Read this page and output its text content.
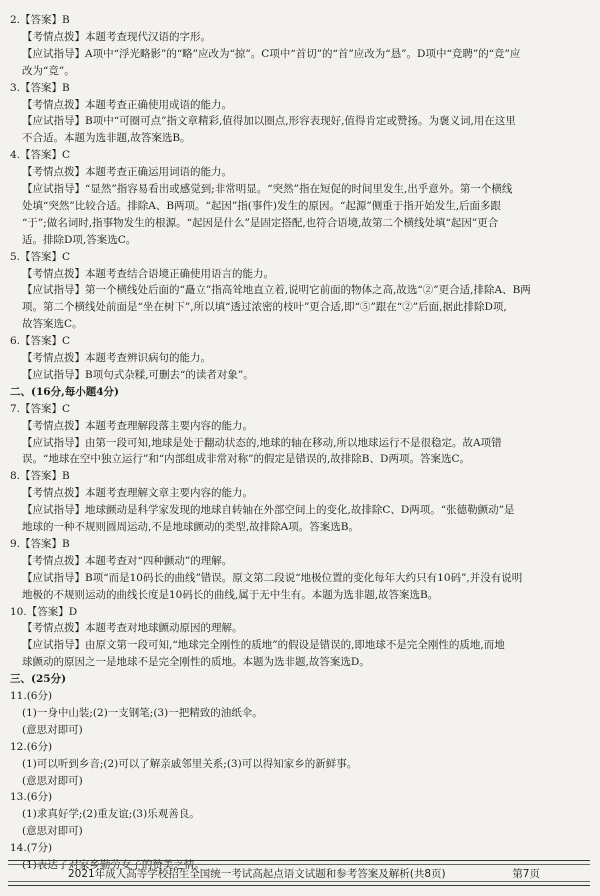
2.【答案】B
【考情点拨】本题考查现代汉语的字形。
【应试指导】A项中“浮光略影”的“略”应改为“掠”。C项中“首切”的“首”应改为“恳”。D项中“竞聘”的“竞”应
改为“竞”。
3.【答案】B
【考情点拨】本题考查正确使用成语的能力。
【应试指导】B项中“可圈可点”指文章精彩,值得加以圈点,形容表现好,值得肯定或赞扬。为褒义词,用在这里
不合适。本题为选非题,故答案选B。
4.【答案】C
【考情点拨】本题考查正确运用词语的能力。
【应试指导】“显然”指容易看出或感觉到;非常明显。“突然”指在短促的时间里发生,出乎意外。第一个横线
处填“突然”比较合适。排除A、B两项。“起因”指(事件)发生的原因。“起源”侧重于指开始发生,后面多跟
“于”;做名词时,指事物发生的根源。“起因是什么”是固定搭配,也符合语境,故第二个横线处填“起因”更合
适。排除D项,答案选C。
5.【答案】C
【考情点拨】本题考查结合语境正确使用语言的能力。
【应试指导】第一个横线处后面的“矗立”指高耸地直立着,说明它前面的物体之高,故选“②”更合适,排除A、B两
项。第二个横线处前面是“坐在树下”,所以填“透过浓密的枝叶”更合适,即“⑤”跟在“②”后面,据此排除D项,
故答案选C。
6.【答案】C
【考情点拨】本题考查辨识病句的能力。
【应试指导】B项句式杂糅,可删去“的读者对象”。
二、(16分,每小题4分)
7.【答案】C
【考情点拨】本题考查理解段落主要内容的能力。
【应试指导】由第一段可知,地球是处于翻动状态的,地球的轴在移动,所以地球运行不是很稳定。故A项错
误。“地球在空中独立运行”和“内部组成非常对称”的假定是错误的,故排除B、D两项。答案选C。
8.【答案】B
【考情点拨】本题考查理解文章主要内容的能力。
【应试指导】地球颤动是科学家发现的地球自转轴在外部空间上的变化,故排除C、D两项。“张德勒颤动”是
地球的一种不规则圆周运动,不是地球颤动的类型,故排除A项。答案选B。
9.【答案】B
【考情点拨】本题考查对“四种颤动”的理解。
【应试指导】B项“而是10码长的曲线”错误。原文第二段说“地极位置的变化每年大约只有10码”,并没有说明
地极的不规则运动的曲线长度是10码长的曲线,属于无中生有。本题为选非题,故答案选B。
10.【答案】D
【考情点拨】本题考查对地球颤动原因的理解。
【应试指导】由原文第一段可知,“地球完全刚性的质地”的假设是错误的,即地球不是完全刚性的质地,而地
球颤动的原因之一是地球不是完全刚性的质地。本题为选非题,故答案选D。
三、(25分)
11.(6分)
(1)一身中山装;(2)一支钢笔;(3)一把精致的油纸伞。
(意思对即可)
12.(6分)
(1)可以听到乡音;(2)可以了解亲戚邻里关系;(3)可以得知家乡的新鲜事。
(意思对即可)
13.(6分)
(1)求真好学;(2)重友谊;(3)乐观善良。
(意思对即可)
14.(7分)
(1)表达了对家乡勤劳女子的赞美之情。
2021年成人高等学校招生全国统一考试高起点语文试题和参考答案及解析(共8页)	第7页
